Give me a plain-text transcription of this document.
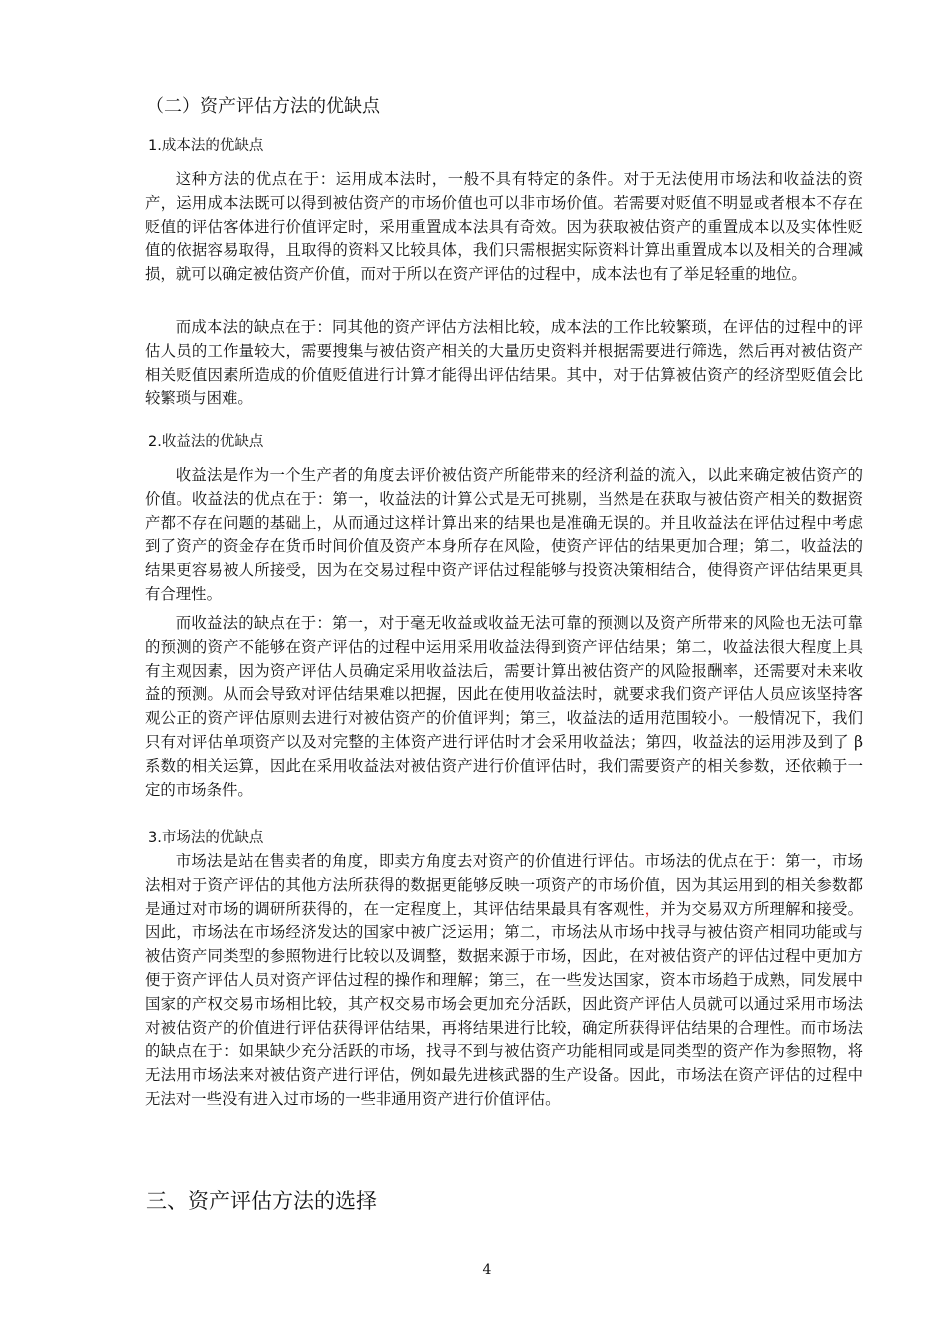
（二）资产评估方法的优缺点
1.成本法的优缺点

这种方法的优点在于：运用成本法时，一般不具有特定的条件。对于无法使用市场法和收益法的资产，运用成本法既可以得到被估资产的市场价值也可以非市场价值。若需要对贬值不明显或者根本不存在贬值的评估客体进行价值评定时，采用重置成本法具有奇效。因为获取被估资产的重置成本以及实体性贬值的依据容易取得，且取得的资料又比较具体，我们只需根据实际资料计算出重置成本以及相关的合理减损，就可以确定被估资产价值，而对于所以在资产评估的过程中，成本法也有了举足轻重的地位。

而成本法的缺点在于：同其他的资产评估方法相比较，成本法的工作比较繁琐，在评估的过程中的评估人员的工作量较大，需要搜集与被估资产相关的大量历史资料并根据需要进行筛选，然后再对被估资产相关贬值因素所造成的价值贬值进行计算才能得出评估结果。其中，对于估算被估资产的经济型贬值会比较繁琐与困难。

2.收益法的优缺点

收益法是作为一个生产者的角度去评价被估资产所能带来的经济利益的流入，以此来确定被估资产的价值。收益法的优点在于：第一，收益法的计算公式是无可挑剔，当然是在获取与被估资产相关的数据资产都不存在问题的基础上，从而通过这样计算出来的结果也是准确无误的。并且收益法在评估过程中考虑到了资产的资金存在货币时间价值及资产本身所存在风险，使资产评估的结果更加合理；第二，收益法的结果更容易被人所接受，因为在交易过程中资产评估过程能够与投资决策相结合，使得资产评估结果更具有合理性。

而收益法的缺点在于：第一，对于毫无收益或收益无法可靠的预测以及资产所带来的风险也无法可靠的预测的资产不能够在资产评估的过程中运用采用收益法得到资产评估结果；第二，收益法很大程度上具有主观因素，因为资产评估人员确定采用收益法后，需要计算出被估资产的风险报酬率，还需要对未来收益的预测。从而会导致对评估结果难以把握，因此在使用收益法时，就要求我们资产评估人员应该坚持客观公正的资产评估原则去进行对被估资产的价值评判；第三，收益法的适用范围较小。一般情况下，我们只有对评估单项资产以及对完整的主体资产进行评估时才会采用收益法；第四，收益法的运用涉及到了 β 系数的相关运算，因此在采用收益法对被估资产进行价值评估时，我们需要资产的相关参数，还依赖于一定的市场条件。

3.市场法的优缺点

市场法是站在售卖者的角度，即卖方角度去对资产的价值进行评估。市场法的优点在于：第一，市场法相对于资产评估的其他方法所获得的数据更能够反映一项资产的市场价值，因为其运用到的相关参数都是通过对市场的调研所获得的，在一定程度上，其评估结果最具有客观性，并为交易双方所理解和接受。因此，市场法在市场经济发达的国家中被广泛运用；第二，市场法从市场中找寻与被估资产相同功能或与被估资产同类型的参照物进行比较以及调整，数据来源于市场，因此，在对被估资产的评估过程中更加方便于资产评估人员对资产评估过程的操作和理解；第三，在一些发达国家，资本市场趋于成熟，同发展中国家的产权交易市场相比较，其产权交易市场会更加充分活跃，因此资产评估人员就可以通过采用市场法对被估资产的价值进行评估获得评估结果，再将结果进行比较，确定所获得评估结果的合理性。而市场法的缺点在于：如果缺少充分活跃的市场，找寻不到与被估资产功能相同或是同类型的资产作为参照物，将无法用市场法来对被估资产进行评估，例如最先进核武器的生产设备。因此，市场法在资产评估的过程中无法对一些没有进入过市场的一些非通用资产进行价值评估。

三、资产评估方法的选择
4
